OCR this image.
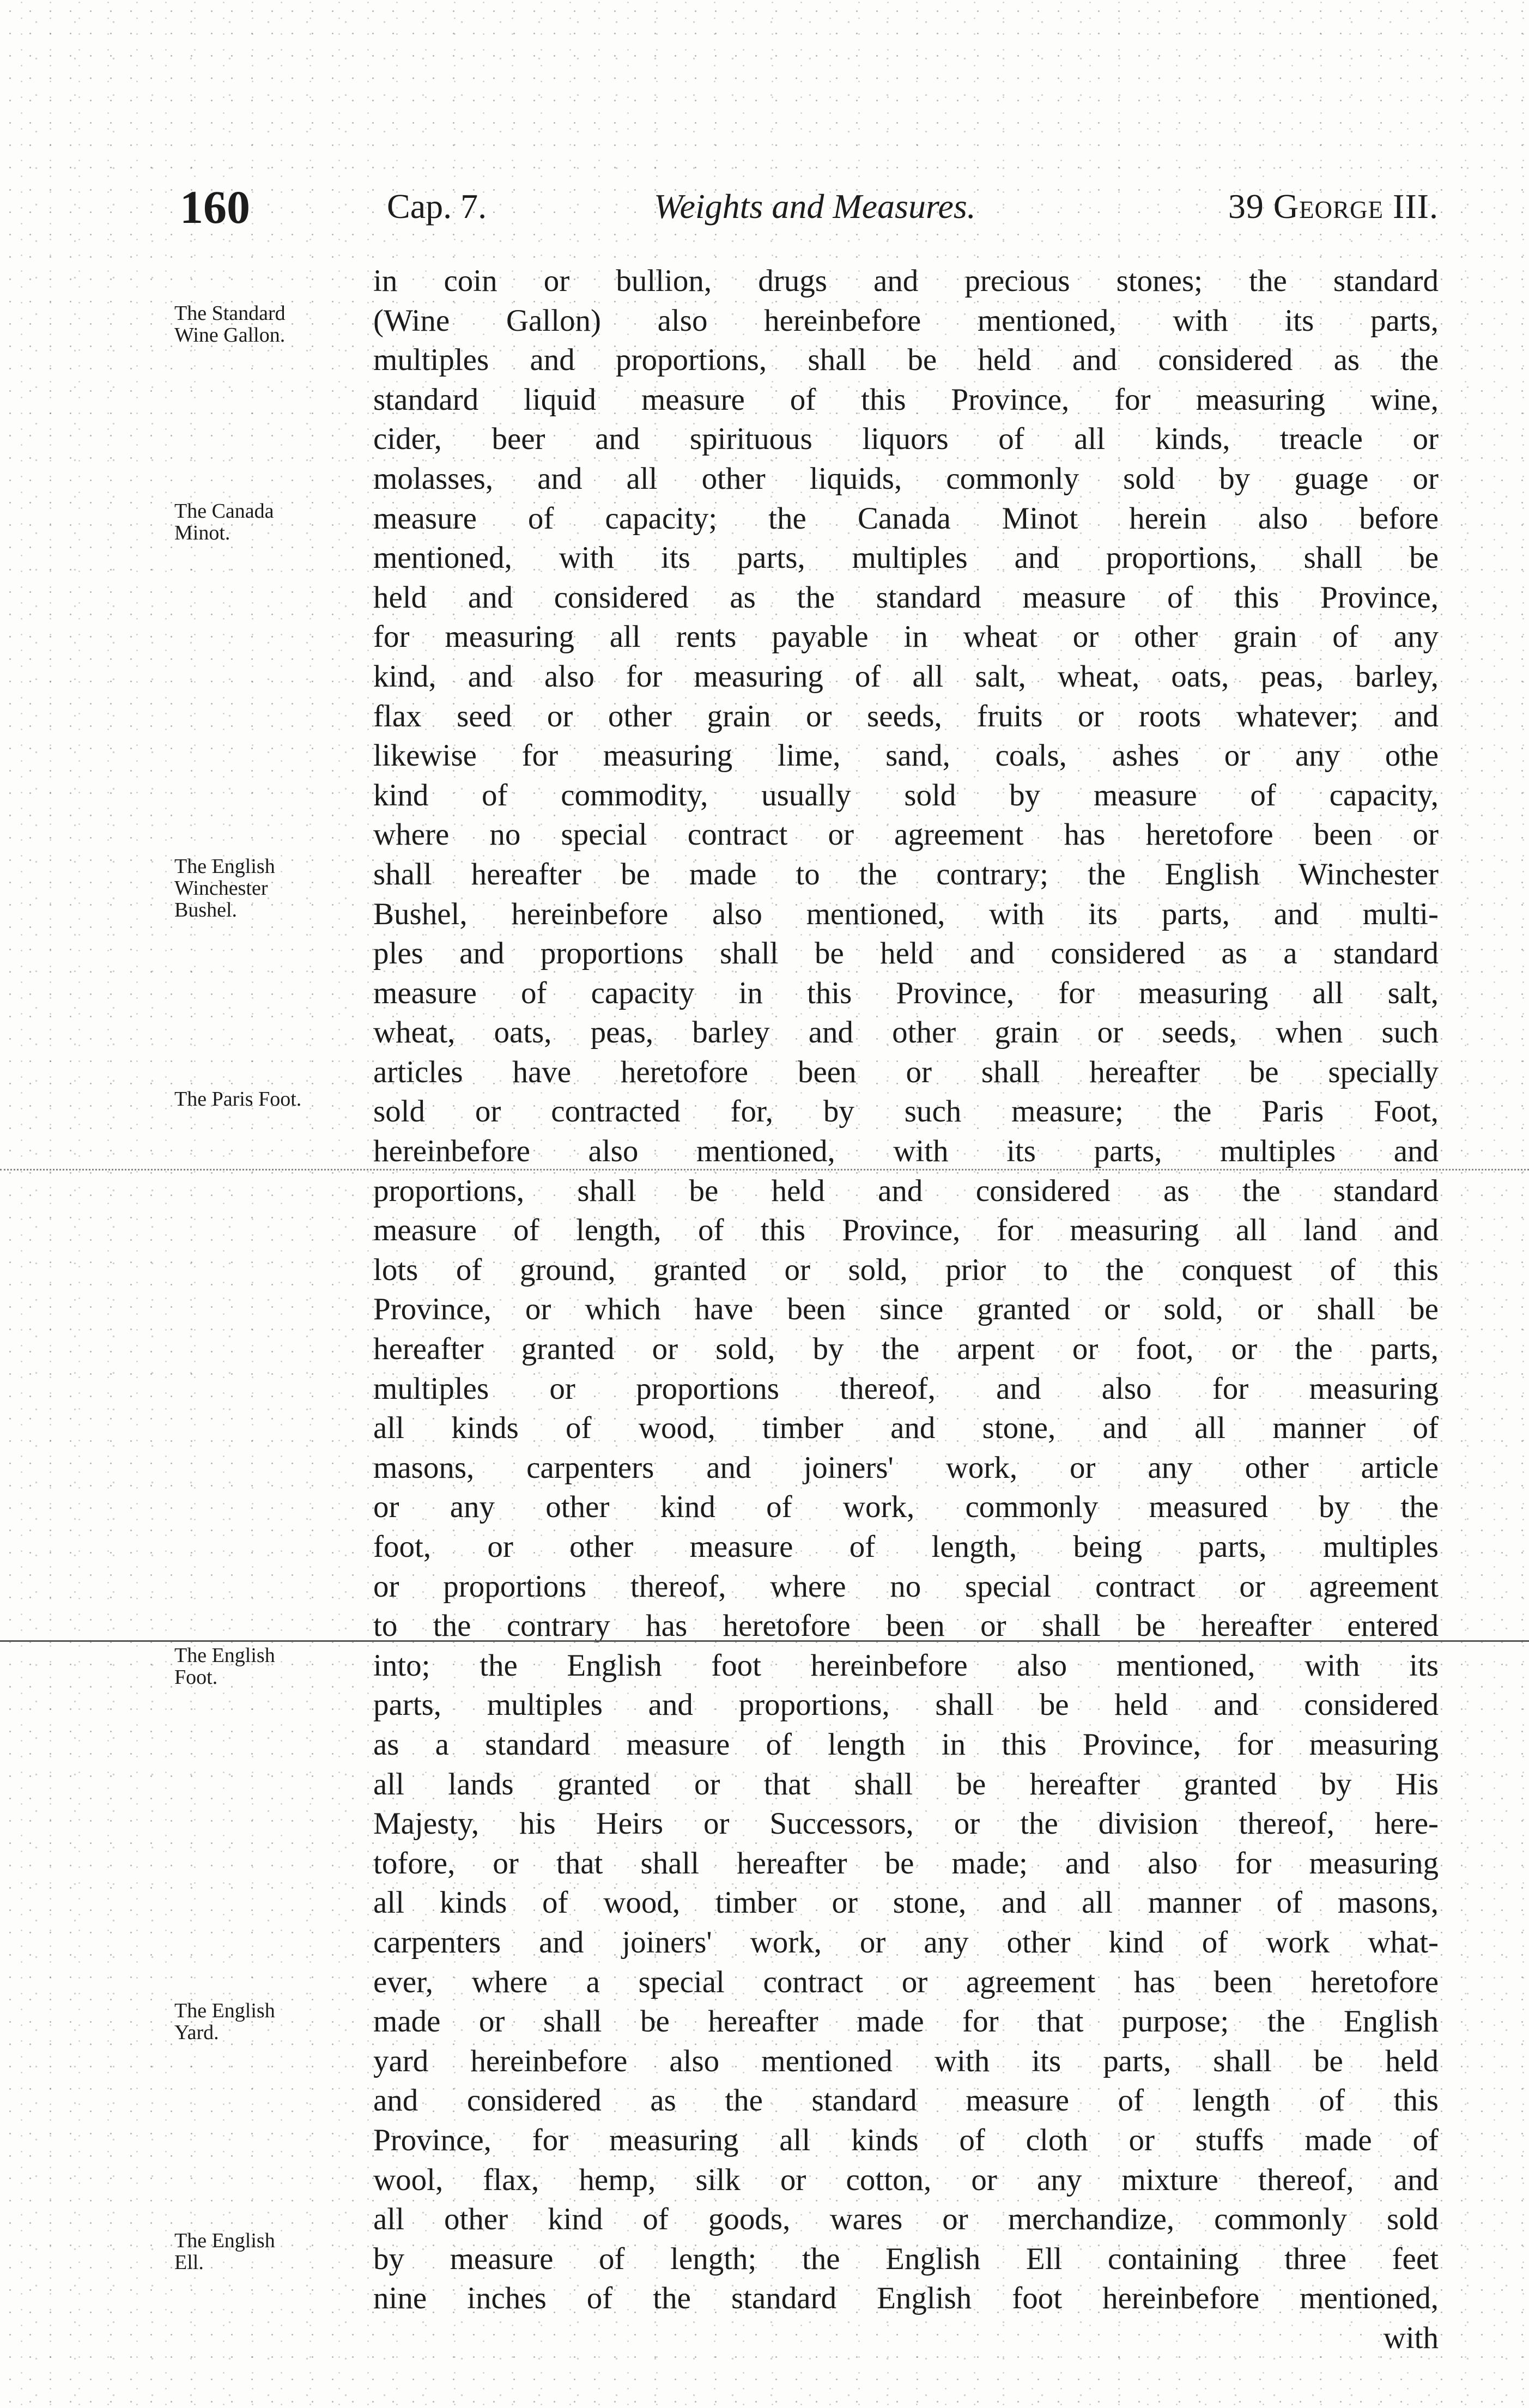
160	Cap. 7.	Weights and Measures.	39 George III.
The Standard
Wine Gallon.
The Canada
Minot.
The English
Winchester
Bushel.
The Paris Foot.
The English
Foot.
The English
Yard.
The English
Ell.
in coin or bullion, drugs and precious stones; the standard
(Wine Gallon) also hereinbefore mentioned, with its parts,
multiples and proportions, shall be held and considered as the
standard liquid measure of this Province, for measuring wine,
cider, beer and spirituous liquors of all kinds, treacle or
molasses, and all other liquids, commonly sold by guage or
measure of capacity; the Canada Minot herein also before
mentioned, with its parts, multiples and proportions, shall be
held and considered as the standard measure of this Province,
for measuring all rents payable in wheat or other grain of any
kind, and also for measuring of all salt, wheat, oats, peas, barley,
flax seed or other grain or seeds, fruits or roots whatever; and
likewise for measuring lime, sand, coals, ashes or any othe
kind of commodity, usually sold by measure of capacity,
where no special contract or agreement has heretofore been or
shall hereafter be made to the contrary; the English Winchester
Bushel, hereinbefore also mentioned, with its parts, and multi-
ples and proportions shall be held and considered as a standard
measure of capacity in this Province, for measuring all salt,
wheat, oats, peas, barley and other grain or seeds, when such
articles have heretofore been or shall hereafter be specially
sold or contracted for, by such measure; the Paris Foot,
hereinbefore also mentioned, with its parts, multiples and
proportions, shall be held and considered as the standard
measure of length, of this Province, for measuring all land and
lots of ground, granted or sold, prior to the conquest of this
Province, or which have been since granted or sold, or shall be
hereafter granted or sold, by the arpent or foot, or the parts,
multiples or proportions thereof, and also for measuring
all kinds of wood, timber and stone, and all manner of
masons, carpenters and joiners' work, or any other article
or any other kind of work, commonly measured by the
foot, or other measure of length, being parts, multiples
or proportions thereof, where no special contract or agreement
to the contrary has heretofore been or shall be hereafter entered
into; the English foot hereinbefore also mentioned, with its
parts, multiples and proportions, shall be held and considered
as a standard measure of length in this Province, for measuring
all lands granted or that shall be hereafter granted by His
Majesty, his Heirs or Successors, or the division thereof, here-
tofore, or that shall hereafter be made; and also for measuring
all kinds of wood, timber or stone, and all manner of masons,
carpenters and joiners' work, or any other kind of work what-
ever, where a special contract or agreement has been heretofore
made or shall be hereafter made for that purpose; the English
yard hereinbefore also mentioned with its parts, shall be held
and considered as the standard measure of length of this
Province, for measuring all kinds of cloth or stuffs made of
wool, flax, hemp, silk or cotton, or any mixture thereof, and
all other kind of goods, wares or merchandize, commonly sold
by measure of length; the English Ell containing three feet
nine inches of the standard English foot hereinbefore mentioned,
with
